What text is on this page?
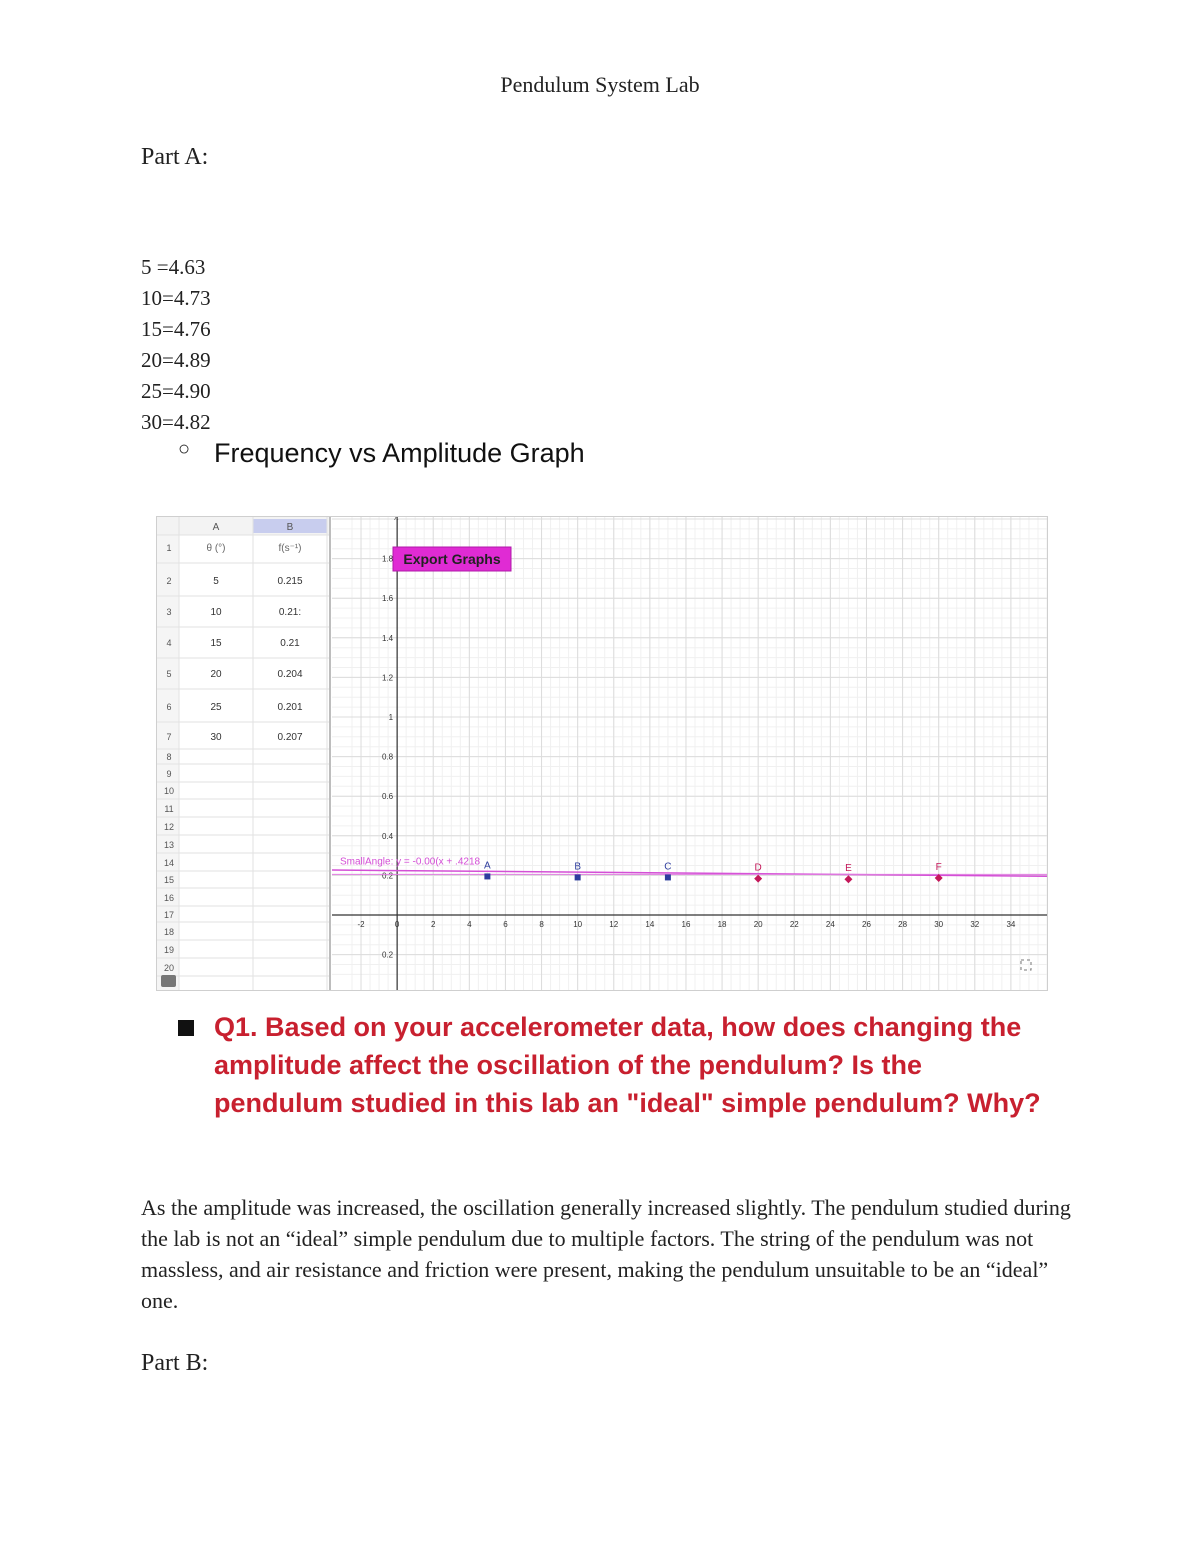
Pendulum System Lab
Part A:
5 =4.63
10=4.73
15=4.76
20=4.89
25=4.90
30=4.82
○ Frequency vs Amplitude Graph
A	B
1
2
3
4
5
6
7
8
9
10
11
12
13
14
15
16
17
18
19
20
θ (°)	f(s⁻¹)
5	0.215
10	0.21:
15	0.21
20	0.204
25	0.201
30	0.207
^
-2	0	2	4	6	8	10	12	14	16	18	20	22	24	26	28	30	32	34
1.8
1.6
1.4
1.2
1
0.8
0.6
0.4
0.2
0.2
SmallAngle: y = -0.00(x + .4218 A	B	C	D	E	F
Export Graphs
Q1. Based on your accelerometer data, how does changing the amplitude affect the oscillation of the pendulum? Is the pendulum studied in this lab an "ideal" simple pendulum? Why?
As the amplitude was increased, the oscillation generally increased slightly. The pendulum studied during the lab is not an “ideal” simple pendulum due to multiple factors. The string of the pendulum was not massless, and air resistance and friction were present, making the pendulum unsuitable to be an “ideal” one.
Part B:
